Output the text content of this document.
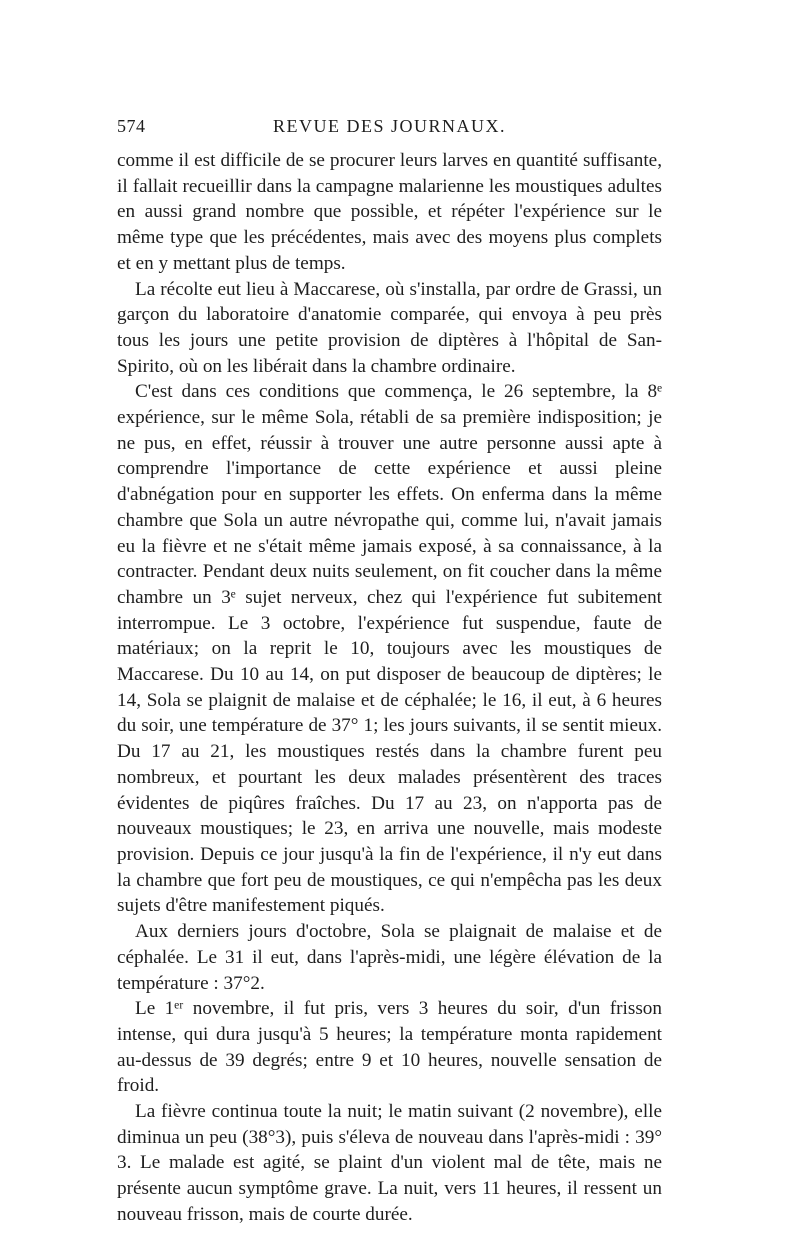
574	REVUE DES JOURNAUX.

comme il est difficile de se procurer leurs larves en quantité suffisante, il fallait recueillir dans la campagne malarienne les moustiques adultes en aussi grand nombre que possible, et répéter l'expérience sur le même type que les précédentes, mais avec des moyens plus complets et en y mettant plus de temps.

La récolte eut lieu à Maccarese, où s'installa, par ordre de Grassi, un garçon du laboratoire d'anatomie comparée, qui envoya à peu près tous les jours une petite provision de diptères à l'hôpital de San-Spirito, où on les libérait dans la chambre ordinaire.

C'est dans ces conditions que commença, le 26 septembre, la 8ᵉ expérience, sur le même Sola, rétabli de sa première indisposition; je ne pus, en effet, réussir à trouver une autre personne aussi apte à comprendre l'importance de cette expérience et aussi pleine d'abnégation pour en supporter les effets. On enferma dans la même chambre que Sola un autre névropathe qui, comme lui, n'avait jamais eu la fièvre et ne s'était même jamais exposé, à sa connaissance, à la contracter. Pendant deux nuits seulement, on fit coucher dans la même chambre un 3ᵉ sujet nerveux, chez qui l'expérience fut subitement interrompue. Le 3 octobre, l'expérience fut suspendue, faute de matériaux; on la reprit le 10, toujours avec les moustiques de Maccarese. Du 10 au 14, on put disposer de beaucoup de diptères; le 14, Sola se plaignit de malaise et de céphalée; le 16, il eut, à 6 heures du soir, une température de 37° 1; les jours suivants, il se sentit mieux. Du 17 au 21, les moustiques restés dans la chambre furent peu nombreux, et pourtant les deux malades présentèrent des traces évidentes de piqûres fraîches. Du 17 au 23, on n'apporta pas de nouveaux moustiques; le 23, en arriva une nouvelle, mais modeste provision. Depuis ce jour jusqu'à la fin de l'expérience, il n'y eut dans la chambre que fort peu de moustiques, ce qui n'empêcha pas les deux sujets d'être manifestement piqués.

Aux derniers jours d'octobre, Sola se plaignait de malaise et de céphalée. Le 31 il eut, dans l'après-midi, une légère élévation de la température : 37°2.

Le 1ᵉʳ novembre, il fut pris, vers 3 heures du soir, d'un frisson intense, qui dura jusqu'à 5 heures; la température monta rapidement au-dessus de 39 degrés; entre 9 et 10 heures, nouvelle sensation de froid.

La fièvre continua toute la nuit; le matin suivant (2 novembre), elle diminua un peu (38°3), puis s'éleva de nouveau dans l'après-midi : 39° 3. Le malade est agité, se plaint d'un violent mal de tête, mais ne présente aucun symptôme grave. La nuit, vers 11 heures, il ressent un nouveau frisson, mais de courte durée.
